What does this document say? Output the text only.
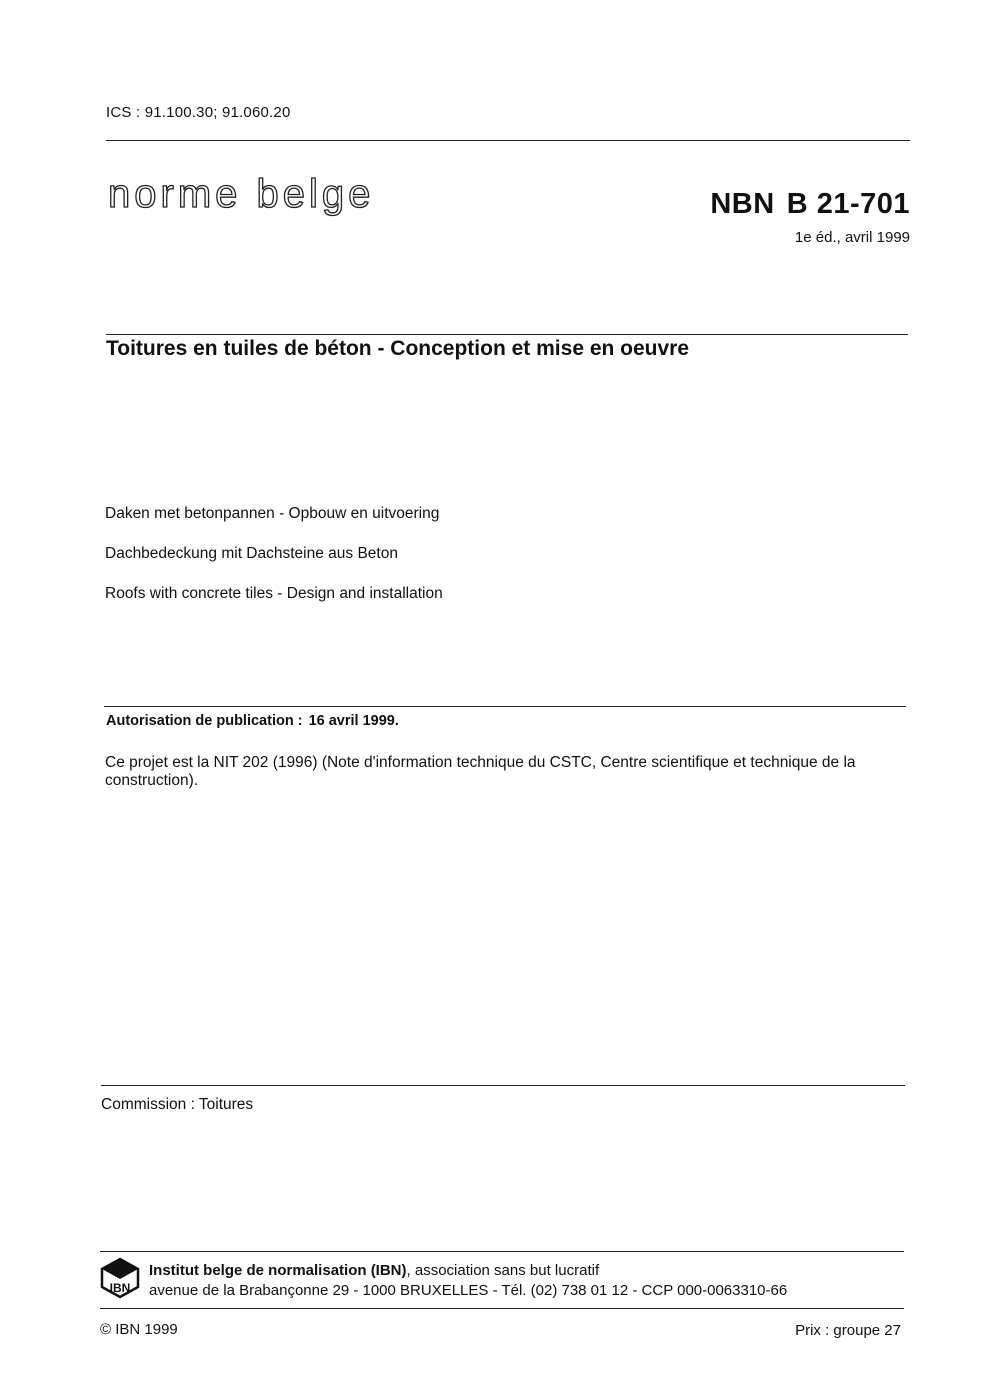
ICS : 91.100.30; 91.060.20
norme belge	NBN B 21-701
1e éd., avril 1999
Toitures en tuiles de béton - Conception et mise en oeuvre
Daken met betonpannen - Opbouw en uitvoering
Dachbedeckung mit Dachsteine aus Beton
Roofs with concrete tiles - Design and installation
Autorisation de publication : 16 avril 1999.
Ce projet est la NIT 202 (1996) (Note d'information technique du CSTC, Centre scientifique et technique de la construction).
Commission : Toitures
IBN
Institut belge de normalisation (IBN), association sans but lucratif
avenue de la Brabançonne 29 - 1000 BRUXELLES - Tél. (02) 738 01 12 - CCP 000-0063310-66
© IBN 1999	Prix : groupe 27
